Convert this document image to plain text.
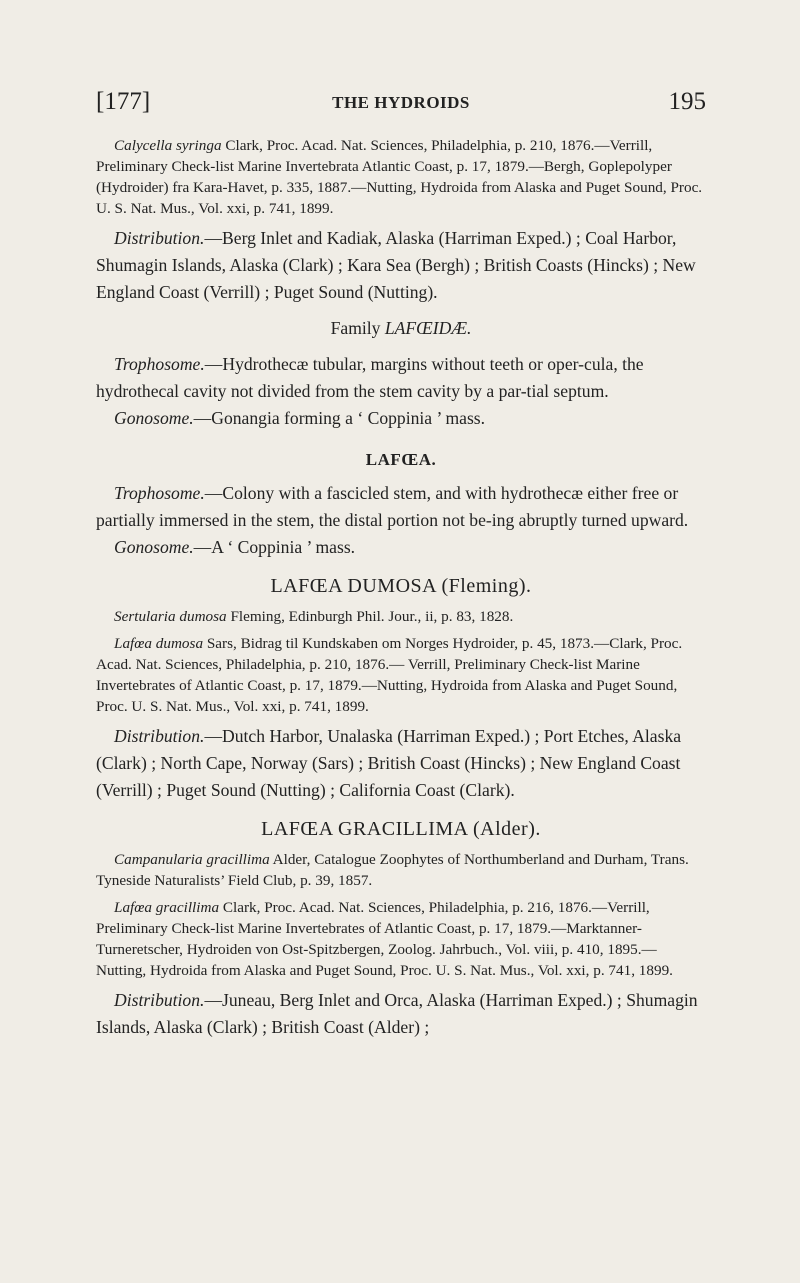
[177]	THE HYDROIDS	195

Calycella syringa Clark, Proc. Acad. Nat. Sciences, Philadelphia, p. 210, 1876.—Verrill, Preliminary Check-list Marine Invertebrata Atlantic Coast, p. 17, 1879.—Bergh, Goplepolyper (Hydroider) fra Kara-Havet, p. 335, 1887.—Nutting, Hydroida from Alaska and Puget Sound, Proc. U. S. Nat. Mus., Vol. xxi, p. 741, 1899.

Distribution.—Berg Inlet and Kadiak, Alaska (Harriman Exped.) ; Coal Harbor, Shumagin Islands, Alaska (Clark) ; Kara Sea (Bergh) ; British Coasts (Hincks) ; New England Coast (Verrill) ; Puget Sound (Nutting).

Family LAFŒIDÆ.

Trophosome.—Hydrothecæ tubular, margins without teeth or oper-cula, the hydrothecal cavity not divided from the stem cavity by a par-tial septum.

Gonosome.—Gonangia forming a ‘ Coppinia ’ mass.

LAFŒA.

Trophosome.—Colony with a fascicled stem, and with hydrothecæ either free or partially immersed in the stem, the distal portion not be-ing abruptly turned upward.

Gonosome.—A ‘ Coppinia ’ mass.

LAFŒA DUMOSA (Fleming).

Sertularia dumosa Fleming, Edinburgh Phil. Jour., ii, p. 83, 1828.

Lafœa dumosa Sars, Bidrag til Kundskaben om Norges Hydroider, p. 45, 1873.—Clark, Proc. Acad. Nat. Sciences, Philadelphia, p. 210, 1876.— Verrill, Preliminary Check-list Marine Invertebrates of Atlantic Coast, p. 17, 1879.—Nutting, Hydroida from Alaska and Puget Sound, Proc. U. S. Nat. Mus., Vol. xxi, p. 741, 1899.

Distribution.—Dutch Harbor, Unalaska (Harriman Exped.) ; Port Etches, Alaska (Clark) ; North Cape, Norway (Sars) ; British Coast (Hincks) ; New England Coast (Verrill) ; Puget Sound (Nutting) ; California Coast (Clark).

LAFŒA GRACILLIMA (Alder).

Campanularia gracillima Alder, Catalogue Zoophytes of Northumberland and Durham, Trans. Tyneside Naturalists’ Field Club, p. 39, 1857.

Lafœa gracillima Clark, Proc. Acad. Nat. Sciences, Philadelphia, p. 216, 1876.—Verrill, Preliminary Check-list Marine Invertebrates of Atlantic Coast, p. 17, 1879.—Marktanner-Turneretscher, Hydroiden von Ost-Spitzbergen, Zoolog. Jahrbuch., Vol. viii, p. 410, 1895.—Nutting, Hydroida from Alaska and Puget Sound, Proc. U. S. Nat. Mus., Vol. xxi, p. 741, 1899.

Distribution.—Juneau, Berg Inlet and Orca, Alaska (Harriman Exped.) ; Shumagin Islands, Alaska (Clark) ; British Coast (Alder) ;
